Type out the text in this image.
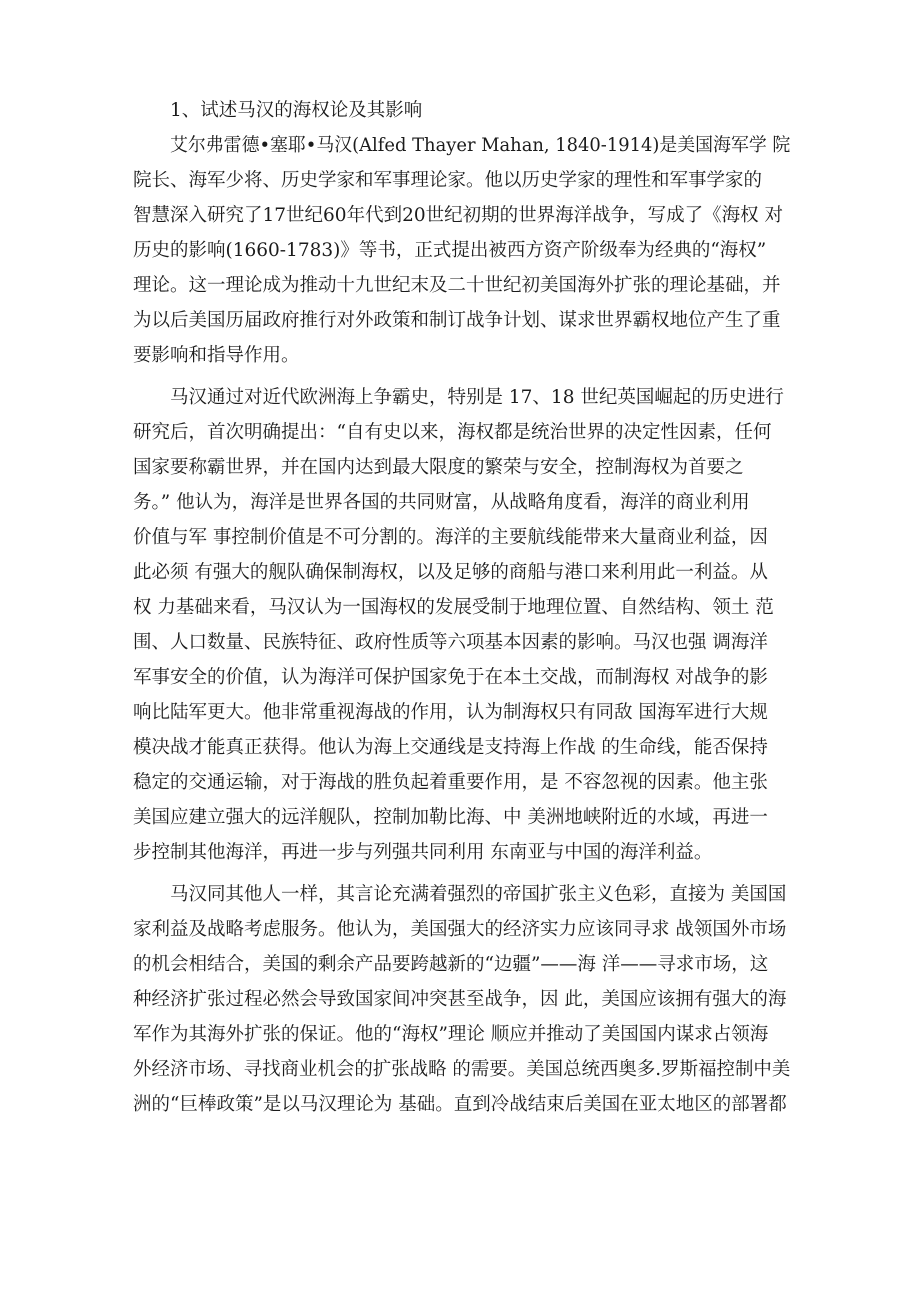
1、试述马汉的海权论及其影响
艾尔弗雷德•塞耶•马汉(Alfed Thayer Mahan, 1840-1914)是美国海军学 院
院长、海军少将、历史学家和军事理论家。他以历史学家的理性和军事学家的
智慧深入研究了17世纪60年代到20世纪初期的世界海洋战争，写成了《海权 对
历史的影响(1660-1783)》等书，正式提出被西方资产阶级奉为经典的“海权”
理论。这一理论成为推动十九世纪末及二十世纪初美国海外扩张的理论基础，并
为以后美国历届政府推行对外政策和制订战争计划、谋求世界霸权地位产生了重
要影响和指导作用。
马汉通过对近代欧洲海上争霸史，特别是 17、18 世纪英国崛起的历史进行
研究后，首次明确提出：“自有史以来，海权都是统治世界的决定性因素，任何
国家要称霸世界，并在国内达到最大限度的繁荣与安全，控制海权为首要之
务。” 他认为，海洋是世界各国的共同财富，从战略角度看，海洋的商业利用
价值与军 事控制价值是不可分割的。海洋的主要航线能带来大量商业利益，因
此必须 有强大的舰队确保制海权，以及足够的商船与港口来利用此一利益。从
权 力基础来看，马汉认为一国海权的发展受制于地理位置、自然结构、领土 范
围、人口数量、民族特征、政府性质等六项基本因素的影响。马汉也强 调海洋
军事安全的价值，认为海洋可保护国家免于在本土交战，而制海权 对战争的影
响比陆军更大。他非常重视海战的作用，认为制海权只有同敌 国海军进行大规
模决战才能真正获得。他认为海上交通线是支持海上作战 的生命线，能否保持
稳定的交通运输，对于海战的胜负起着重要作用，是 不容忽视的因素。他主张
美国应建立强大的远洋舰队，控制加勒比海、中 美洲地峡附近的水域，再进一
步控制其他海洋，再进一步与列强共同利用 东南亚与中国的海洋利益。
马汉同其他人一样，其言论充满着强烈的帝国扩张主义色彩，直接为 美国国
家利益及战略考虑服务。他认为，美国强大的经济实力应该同寻求 战领国外市场
的机会相结合，美国的剩余产品要跨越新的“边疆”——海 洋——寻求市场，这
种经济扩张过程必然会导致国家间冲突甚至战争，因 此，美国应该拥有强大的海
军作为其海外扩张的保证。他的“海权”理论 顺应并推动了美国国内谋求占领海
外经济市场、寻找商业机会的扩张战略 的需要。美国总统西奥多.罗斯福控制中美
洲的“巨棒政策”是以马汉理论为 基础。直到冷战结束后美国在亚太地区的部署都
